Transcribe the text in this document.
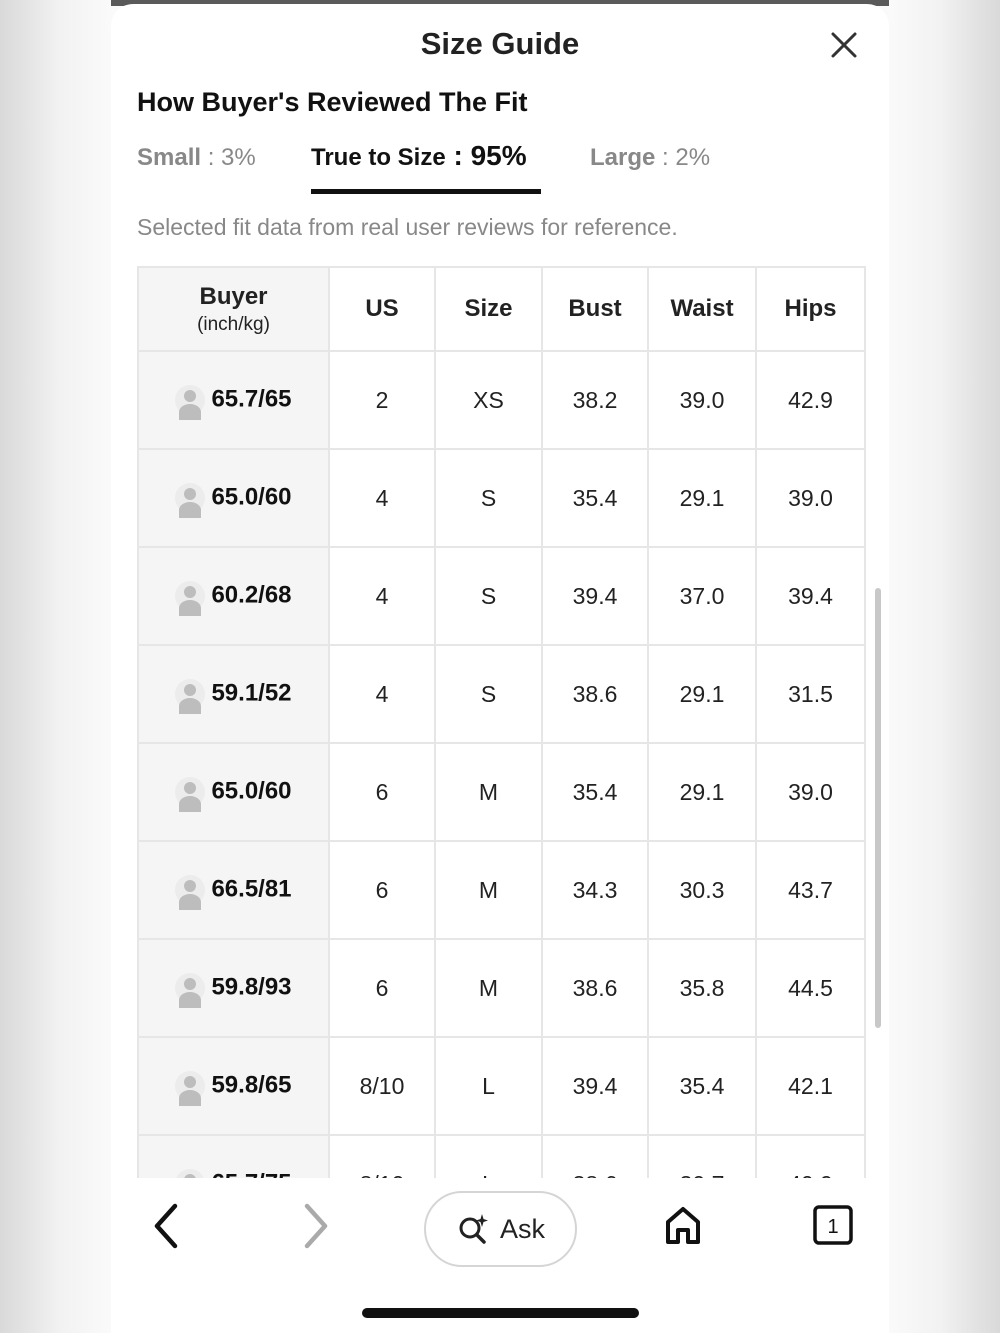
Size Guide
How Buyer's Reviewed The Fit
Small : 3% True to Size : 95%	Large : 2%
Selected fit data from real user reviews for reference.
Buyer
(inch/kg)	US	Size	Bust	Waist	Hips
65.7/65	2	XS	38.2	39.0	42.9
65.0/60	4	S	35.4	29.1	39.0
60.2/68	4	S	39.4	37.0	39.4
59.1/52	4	S	38.6	29.1	31.5
65.0/60	6	M	35.4	29.1	39.0
66.5/81	6	M	34.3	30.3	43.7
59.8/93	6	M	38.6	35.8	44.5
59.8/65	8/10	L	39.4	35.4	42.1

Ask	1
